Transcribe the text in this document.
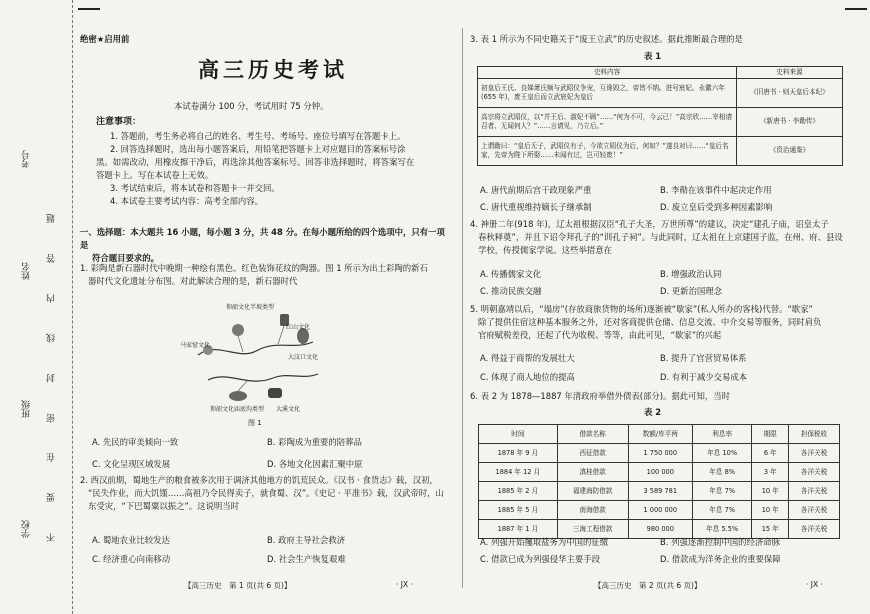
考号
姓名
班级
学校 不 要 在 密 封 线 内 答 题
绝密★启用前
高三历史考试
本试卷满分 100 分，考试用时 75 分钟。

注意事项：

1. 答题前，考生务必将自己的姓名、考生号、考场号、座位号填写在答题卡上。

2. 回答选择题时，选出每小题答案后，用铅笔把答题卡上对应题目的答案标号涂

黑。如需改动，用橡皮擦干净后，再选涂其他答案标号。回答非选择题时，将答案写在

答题卡上。写在本试卷上无效。

3. 考试结束后，将本试卷和答题卡一并交回。

4. 本试卷主要考试内容：高考全部内容。

一、选择题：本大题共 16 小题，每小题 3 分，共 48 分。在每小题所给的四个选项中，只有一项是

符合题目要求的。

1. 彩陶是新石器时代中晚期一种绘有黑色、红色装饰花纹的陶器。图 1 所示为出土彩陶的新石

器时代文化遗址分布图。对此解读合理的是，新石器时代

仰韶文化半坡类型
马家窑文化
红山文化
大汶口文化
仰韶文化庙底沟类型 大溪文化
图 1
A. 先民的审美倾向一致	B. 彩陶成为重要的陪葬品
C. 文化呈现区域发展	D. 各地文化因素汇聚中原

2. 西汉前期，蜀地生产的粮食被多次用于调济其他地方的饥荒民众。《汉书 · 食货志》载，汉初，

“民失作业，而大饥馑……高祖乃令民得卖子，就食蜀、汉”。《史记 · 平准书》载，汉武帝时，山

东受灾，“下巴蜀粟以振之”。这说明当时

A. 蜀地农业比较发达	B. 政府主导社会救济
C. 经济重心向南移动	D. 社会生产恢复艰难
【高三历史　第 1 页(共 6 页)】	· JX ·
3. 表 1 所示为不同史籍关于“废王立武”的历史叙述。据此推断最合理的是
表 1
史料内容	史料来源
初皇后王氏、良娣萧氏频与武昭仪争宠，互谗毁之，帝皆不纳。进号宸妃。永徽六年(655 年)，废王皇后而立武宸妃为皇后	《旧唐书 · 则天皇后本纪》
高宗将立武昭仪，以“并王后、淑妃不顾”……“何为不可，今云已！”高宗欣……宰相请召者、无闻何人？”……言请见，乃立后。”	《新唐书 · 李勣传》
上谓勣曰：“皇后无子，武昭仪有子，今欲立昭仪为后，何如？”遂良对曰……“皇后名家，先帝为陛下所娶……未闻有过，岂可轻废！”	《资治通鉴》
A. 唐代前期后宫干政现象严重	B. 李勣在该事件中起决定作用
C. 唐代重视维持嫡长子继承制	D. 废立皇后受到多种因素影响

4. 神册二年(918 年)，辽太祖根据汉臣“孔子大圣，万世所尊”的建议，决定“建孔子庙，诏皇太子

春秋释奠”，并且下诏令拜孔子的“训孔子祠”。与此同时，辽太祖在上京建国子监，在州、府、县设

学校，传授儒家学说。这些举措意在

A. 传播儒家文化	B. 增强政治认同
C. 推动民族交融	D. 更新治国理念

5. 明朝嘉靖以后，“塌房”(存放商旅货物的场所)逐渐被“歇家”(私人所办的客栈)代替。“歇家”

除了提供住宿这种基本服务之外，还对客商提供仓储、信息交流、中介交易等服务，同时肩负

官府赋税差役，还起了代为收税、等等，由此可见，“歇家”的兴起

A. 得益于商帮的发展壮大	B. 提升了官营贸易体系
C. 体现了商人地位的提高	D. 有利于减少交易成本
6. 表 2 为 1878—1887 年清政府举借外债表(部分)。据此可知，当时
表 2
时间	借款名称	数额/库平两	利息率	期限	担保税收
1878 年 9 月	西征借款	1 750 000	年息 10%	6 年	各洋关税
1884 年 12 月	滇桂借款	100 000	年息 8%	3 年	各洋关税
1885 年 2 月	福建海防借款	3 589 781	年息 7%	10 年	各洋关税
1885 年 5 月	南海借款	1 000 000	年息 7%	10 年	各洋关税
1887 年 1 月	三海工程借款	980 000	年息 5.5%	15 年	各洋关税
A. 列强开始攫取盐务为中国的征缴	B. 列强逐渐控制中国的经济命脉
C. 借款已成为列强侵华主要手段	D. 借款成为洋务企业的重要保障
【高三历史　第 2 页(共 6 页)】	· JX ·
